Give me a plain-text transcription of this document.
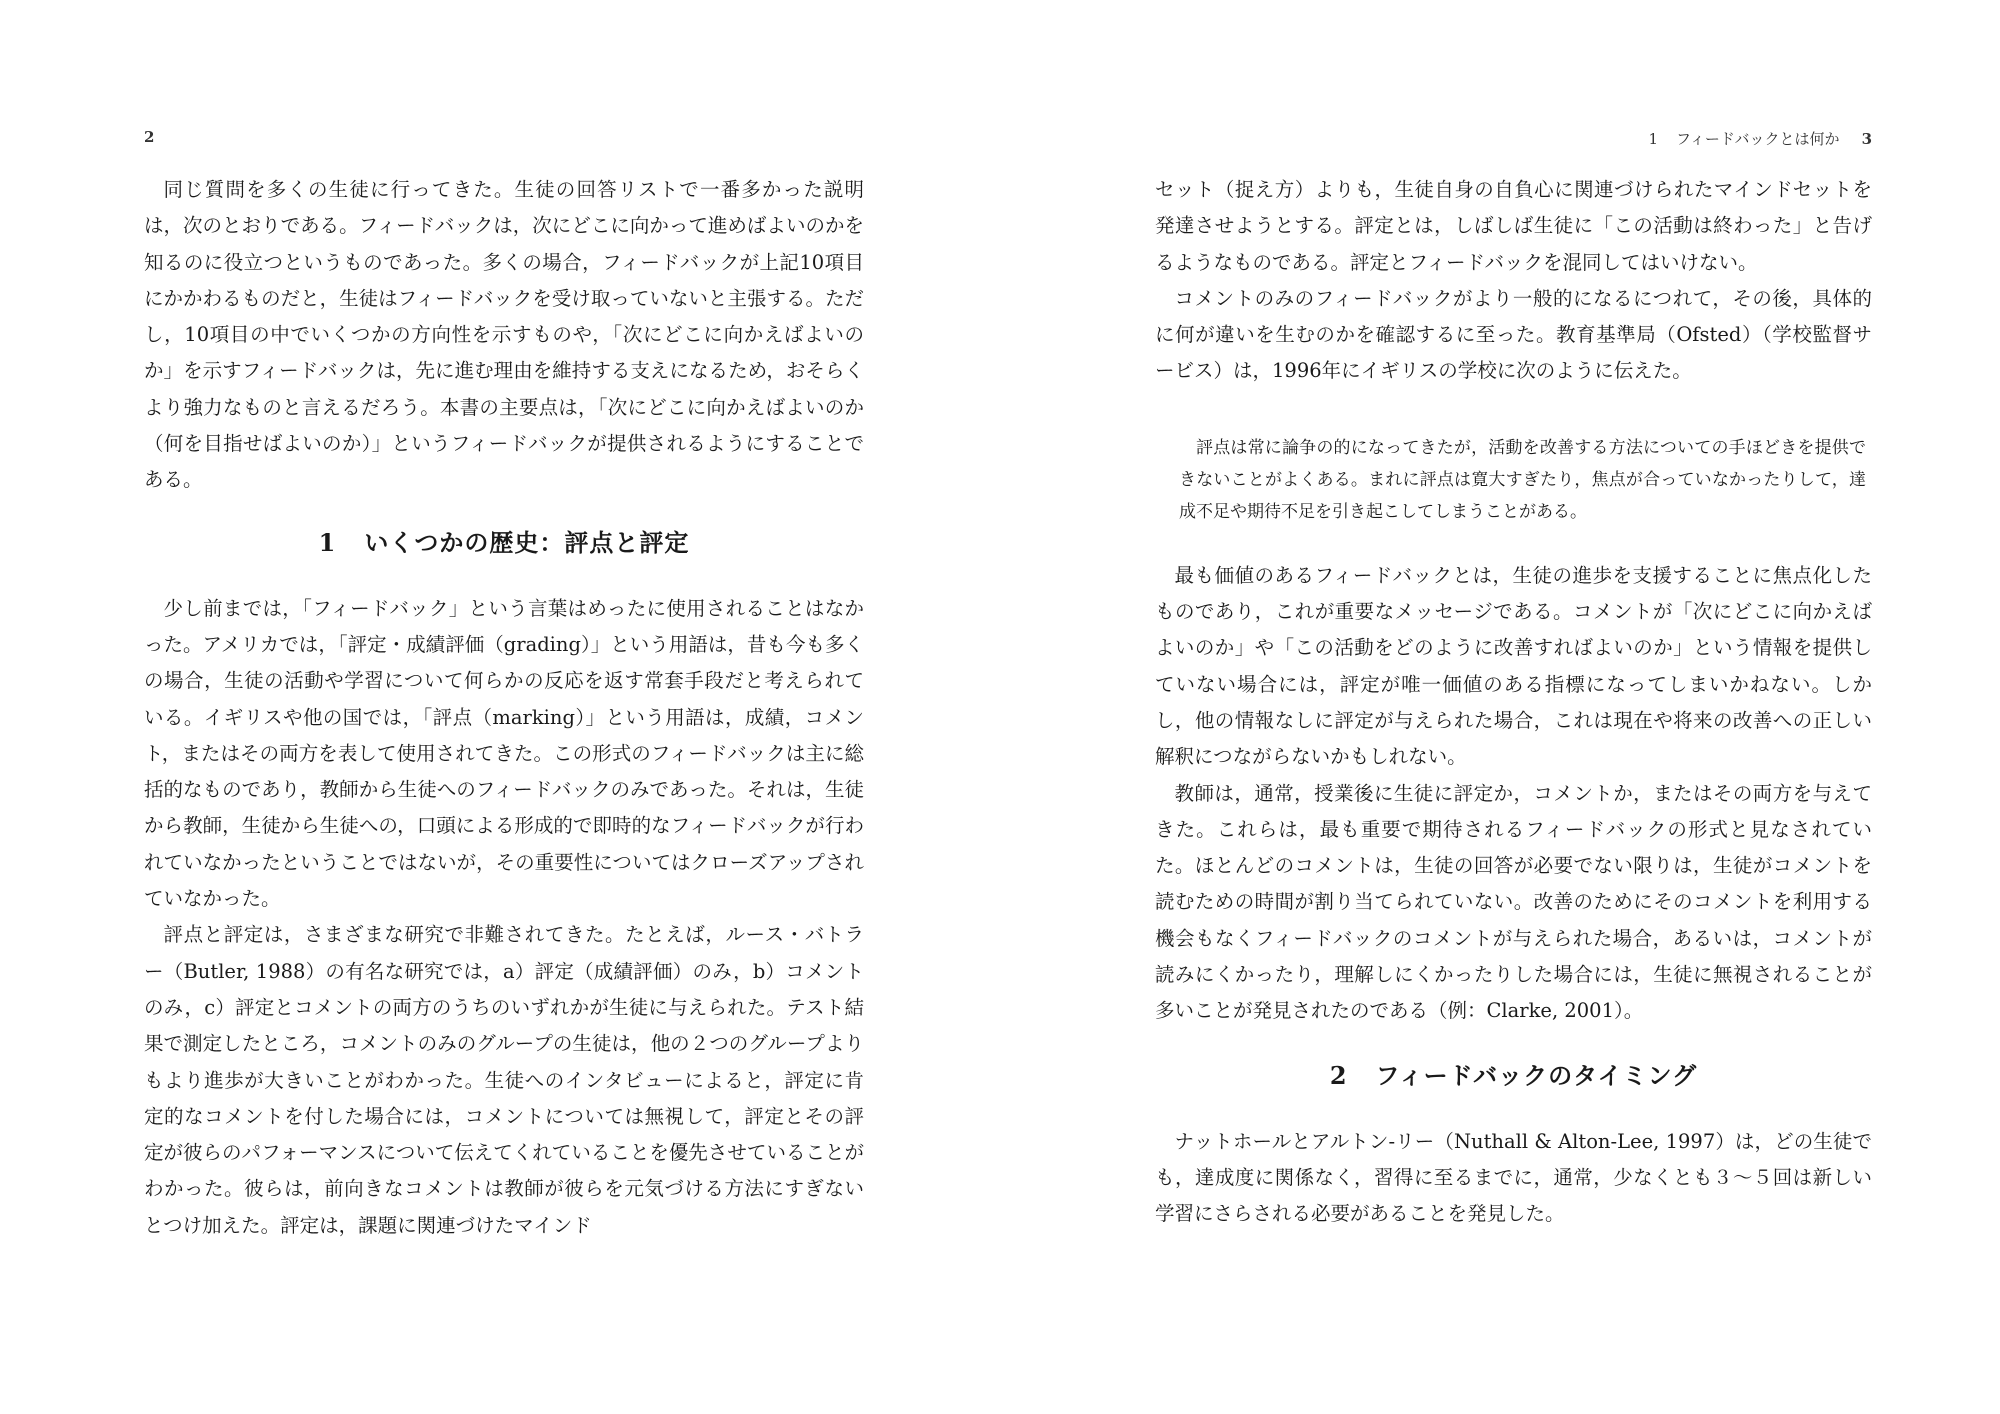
2

同じ質問を多くの生徒に行ってきた。生徒の回答リストで一番多かった説明は，次のとおりである。フィードバックは，次にどこに向かって進めばよいのかを知るのに役立つというものであった。多くの場合，フィードバックが上記10項目にかかわるものだと，生徒はフィードバックを受け取っていないと主張する。ただし，10項目の中でいくつかの方向性を示すものや，「次にどこに向かえばよいのか」を示すフィードバックは，先に進む理由を維持する支えになるため，おそらくより強力なものと言えるだろう。本書の主要点は，「次にどこに向かえばよいのか（何を目指せばよいのか）」というフィードバックが提供されるようにすることである。

1 いくつかの歴史：評点と評定

少し前までは，「フィードバック」という言葉はめったに使用されることはなかった。アメリカでは，「評定・成績評価（grading）」という用語は，昔も今も多くの場合，生徒の活動や学習について何らかの反応を返す常套手段だと考えられている。イギリスや他の国では，「評点（marking）」という用語は，成績，コメント，またはその両方を表して使用されてきた。この形式のフィードバックは主に総括的なものであり，教師から生徒へのフィードバックのみであった。それは，生徒から教師，生徒から生徒への，口頭による形成的で即時的なフィードバックが行われていなかったということではないが，その重要性についてはクローズアップされていなかった。

評点と評定は，さまざまな研究で非難されてきた。たとえば，ルース・バトラー（Butler, 1988）の有名な研究では，a）評定（成績評価）のみ，b）コメントのみ，c）評定とコメントの両方のうちのいずれかが生徒に与えられた。テスト結果で測定したところ，コメントのみのグループの生徒は，他の２つのグループよりもより進歩が大きいことがわかった。生徒へのインタビューによると，評定に肯定的なコメントを付した場合には，コメントについては無視して，評定とその評定が彼らのパフォーマンスについて伝えてくれていることを優先させていることがわかった。彼らは，前向きなコメントは教師が彼らを元気づける方法にすぎないとつけ加えた。評定は，課題に関連づけたマインド

1 フィードバックとは何か 3

セット（捉え方）よりも，生徒自身の自負心に関連づけられたマインドセットを発達させようとする。評定とは，しばしば生徒に「この活動は終わった」と告げるようなものである。評定とフィードバックを混同してはいけない。

コメントのみのフィードバックがより一般的になるにつれて，その後，具体的に何が違いを生むのかを確認するに至った。教育基準局（Ofsted）（学校監督サービス）は，1996年にイギリスの学校に次のように伝えた。

評点は常に論争の的になってきたが，活動を改善する方法についての手ほどきを提供できないことがよくある。まれに評点は寛大すぎたり，焦点が合っていなかったりして，達成不足や期待不足を引き起こしてしまうことがある。

最も価値のあるフィードバックとは，生徒の進歩を支援することに焦点化したものであり，これが重要なメッセージである。コメントが「次にどこに向かえばよいのか」や「この活動をどのように改善すればよいのか」という情報を提供していない場合には，評定が唯一価値のある指標になってしまいかねない。しかし，他の情報なしに評定が与えられた場合，これは現在や将来の改善への正しい解釈につながらないかもしれない。

教師は，通常，授業後に生徒に評定か，コメントか，またはその両方を与えてきた。これらは，最も重要で期待されるフィードバックの形式と見なされていた。ほとんどのコメントは，生徒の回答が必要でない限りは，生徒がコメントを読むための時間が割り当てられていない。改善のためにそのコメントを利用する機会もなくフィードバックのコメントが与えられた場合，あるいは，コメントが読みにくかったり，理解しにくかったりした場合には，生徒に無視されることが多いことが発見されたのである（例：Clarke, 2001）。

2 フィードバックのタイミング

ナットホールとアルトン-リー（Nuthall & Alton-Lee, 1997）は，どの生徒でも，達成度に関係なく，習得に至るまでに，通常，少なくとも３～５回は新しい学習にさらされる必要があることを発見した。
